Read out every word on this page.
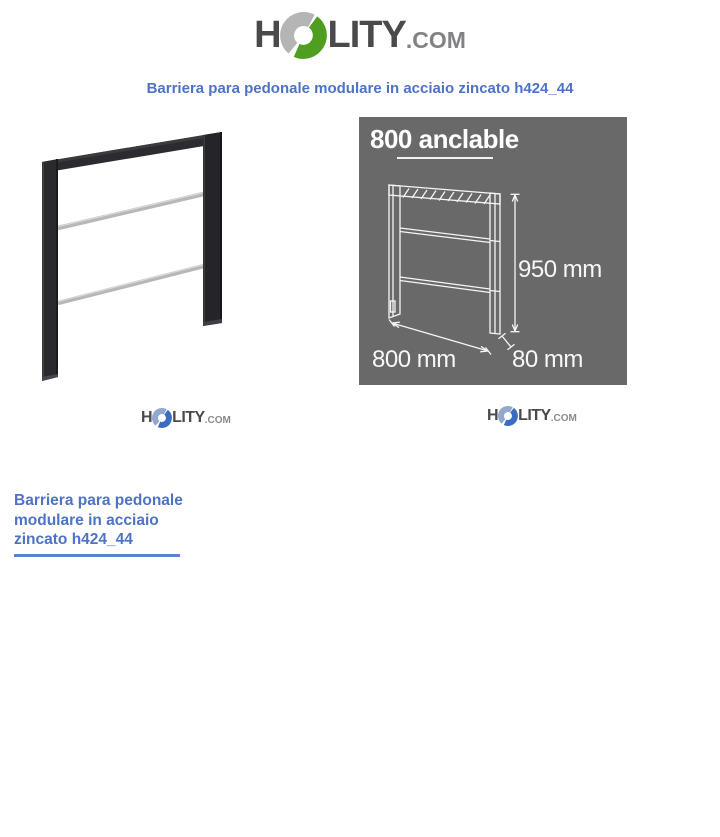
H LITY .COM
Barriera para pedonale modulare in acciaio zincato h424_44
800 anclable
950 mm
800 mm 80 mm
H LITY .COM	H LITY .COM
Barriera para pedonale
modulare in acciaio
zincato h424_44
